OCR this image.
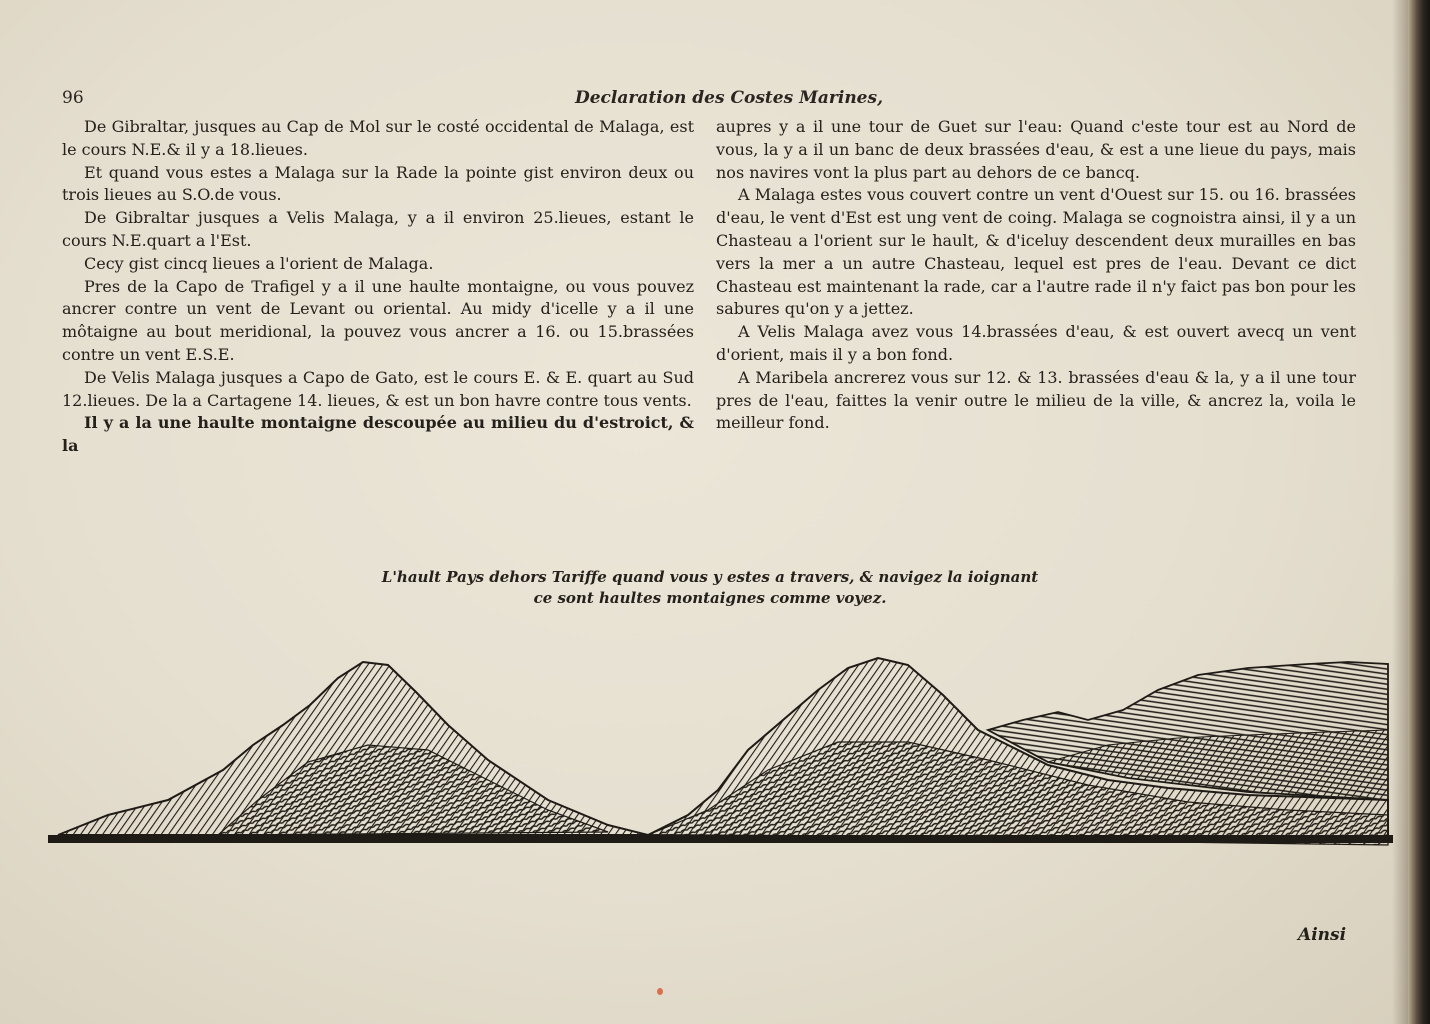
96	Declaration des Costes Marines,

De Gibraltar, jusques au Cap de Mol sur le costé occidental de Malaga, est le cours N.E.& il y a 18.lieues.

Et quand vous estes a Malaga sur la Rade la pointe gist environ deux ou trois lieues au S.O.de vous.

De Gibraltar jusques a Velis Malaga, y a il environ 25.lieues, estant le cours N.E.quart a l'Est.

Cecy gist cincq lieues a l'orient de Malaga.

Pres de la Capo de Trafigel y a il une haulte montaigne, ou vous pouvez ancrer contre un vent de Levant ou oriental. Au midy d'icelle y a il une môtaigne au bout meridional, la pouvez vous ancrer a 16. ou 15.brassées contre un vent E.S.E.

De Velis Malaga jusques a Capo de Gato, est le cours E. & E. quart au Sud 12.lieues. De la a Cartagene 14. lieues, & est un bon havre contre tous vents.

Il y a la une haulte montaigne descoupée au milieu du d'estroict, & la

aupres y a il une tour de Guet sur l'eau: Quand c'este tour est au Nord de vous, la y a il un banc de deux brassées d'eau, & est a une lieue du pays, mais nos navires vont la plus part au dehors de ce bancq.

A Malaga estes vous couvert contre un vent d'Ouest sur 15. ou 16. brassées d'eau, le vent d'Est est ung vent de coing. Malaga se cognoistra ainsi, il y a un Chasteau a l'orient sur le hault, & d'iceluy descendent deux murailles en bas vers la mer a un autre Chasteau, lequel est pres de l'eau. Devant ce dict Chasteau est maintenant la rade, car a l'autre rade il n'y faict pas bon pour les sabures qu'on y a jettez.

A Velis Malaga avez vous 14.brassées d'eau, & est ouvert avecq un vent d'orient, mais il y a bon fond.

A Maribela ancrerez vous sur 12. & 13. brassées d'eau & la, y a il une tour pres de l'eau, faittes la venir outre le milieu de la ville, & ancrez la, voila le meilleur fond.

L'hault Pays dehors Tariffe quand vous y estes a travers, & navigez la ioignant
ce sont haultes montaignes comme voyez.
Ainsi
